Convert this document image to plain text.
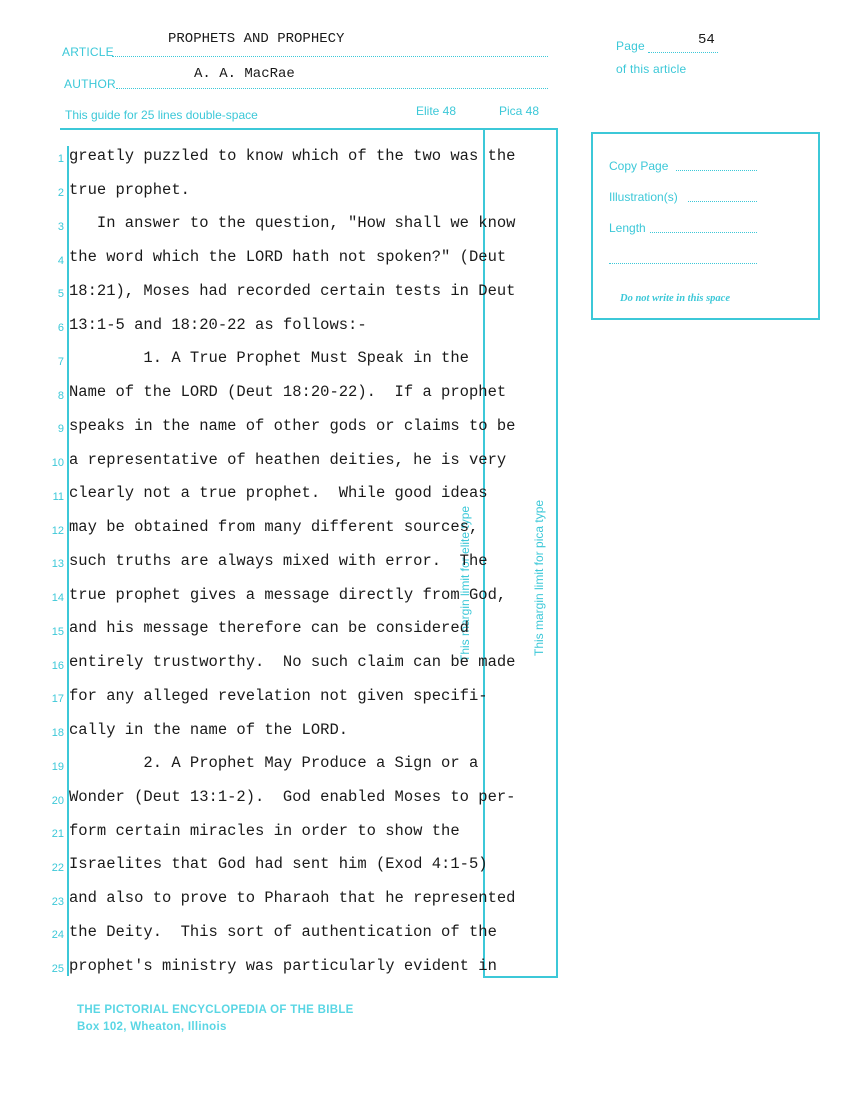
ARTICLE
PROPHETS AND PROPHECY
AUTHOR
A. A. MacRae
Page	54
of this article
This guide for 25 lines double-space	Elite 48	Pica 48
This margin limit for elite type	This margin limit for pica type
1 greatly puzzled to know which of the two was the
2 true prophet.
3 In answer to the question, "How shall we know
4 the word which the LORD hath not spoken?" (Deut
5 18:21), Moses had recorded certain tests in Deut
6 13:1-5 and 18:20-22 as follows:-
7 1. A True Prophet Must Speak in the
8 Name of the LORD (Deut 18:20-22).  If a prophet
9 speaks in the name of other gods or claims to be
10 a representative of heathen deities, he is very
11 clearly not a true prophet.  While good ideas
12 may be obtained from many different sources,
13 such truths are always mixed with error.  The
14 true prophet gives a message directly from God,
15 and his message therefore can be considered
16 entirely trustworthy.  No such claim can be made
17 for any alleged revelation not given specifi-
18 cally in the name of the LORD.
19 2. A Prophet May Produce a Sign or a
20 Wonder (Deut 13:1-2).  God enabled Moses to per-
21 form certain miracles in order to show the
22 Israelites that God had sent him (Exod 4:1-5)
23 and also to prove to Pharaoh that he represented
24 the Deity.  This sort of authentication of the
25 prophet's ministry was particularly evident in
Copy Page
Illustration(s)
Length
Do not write in this space
THE PICTORIAL ENCYCLOPEDIA OF THE BIBLE
Box 102, Wheaton, Illinois
